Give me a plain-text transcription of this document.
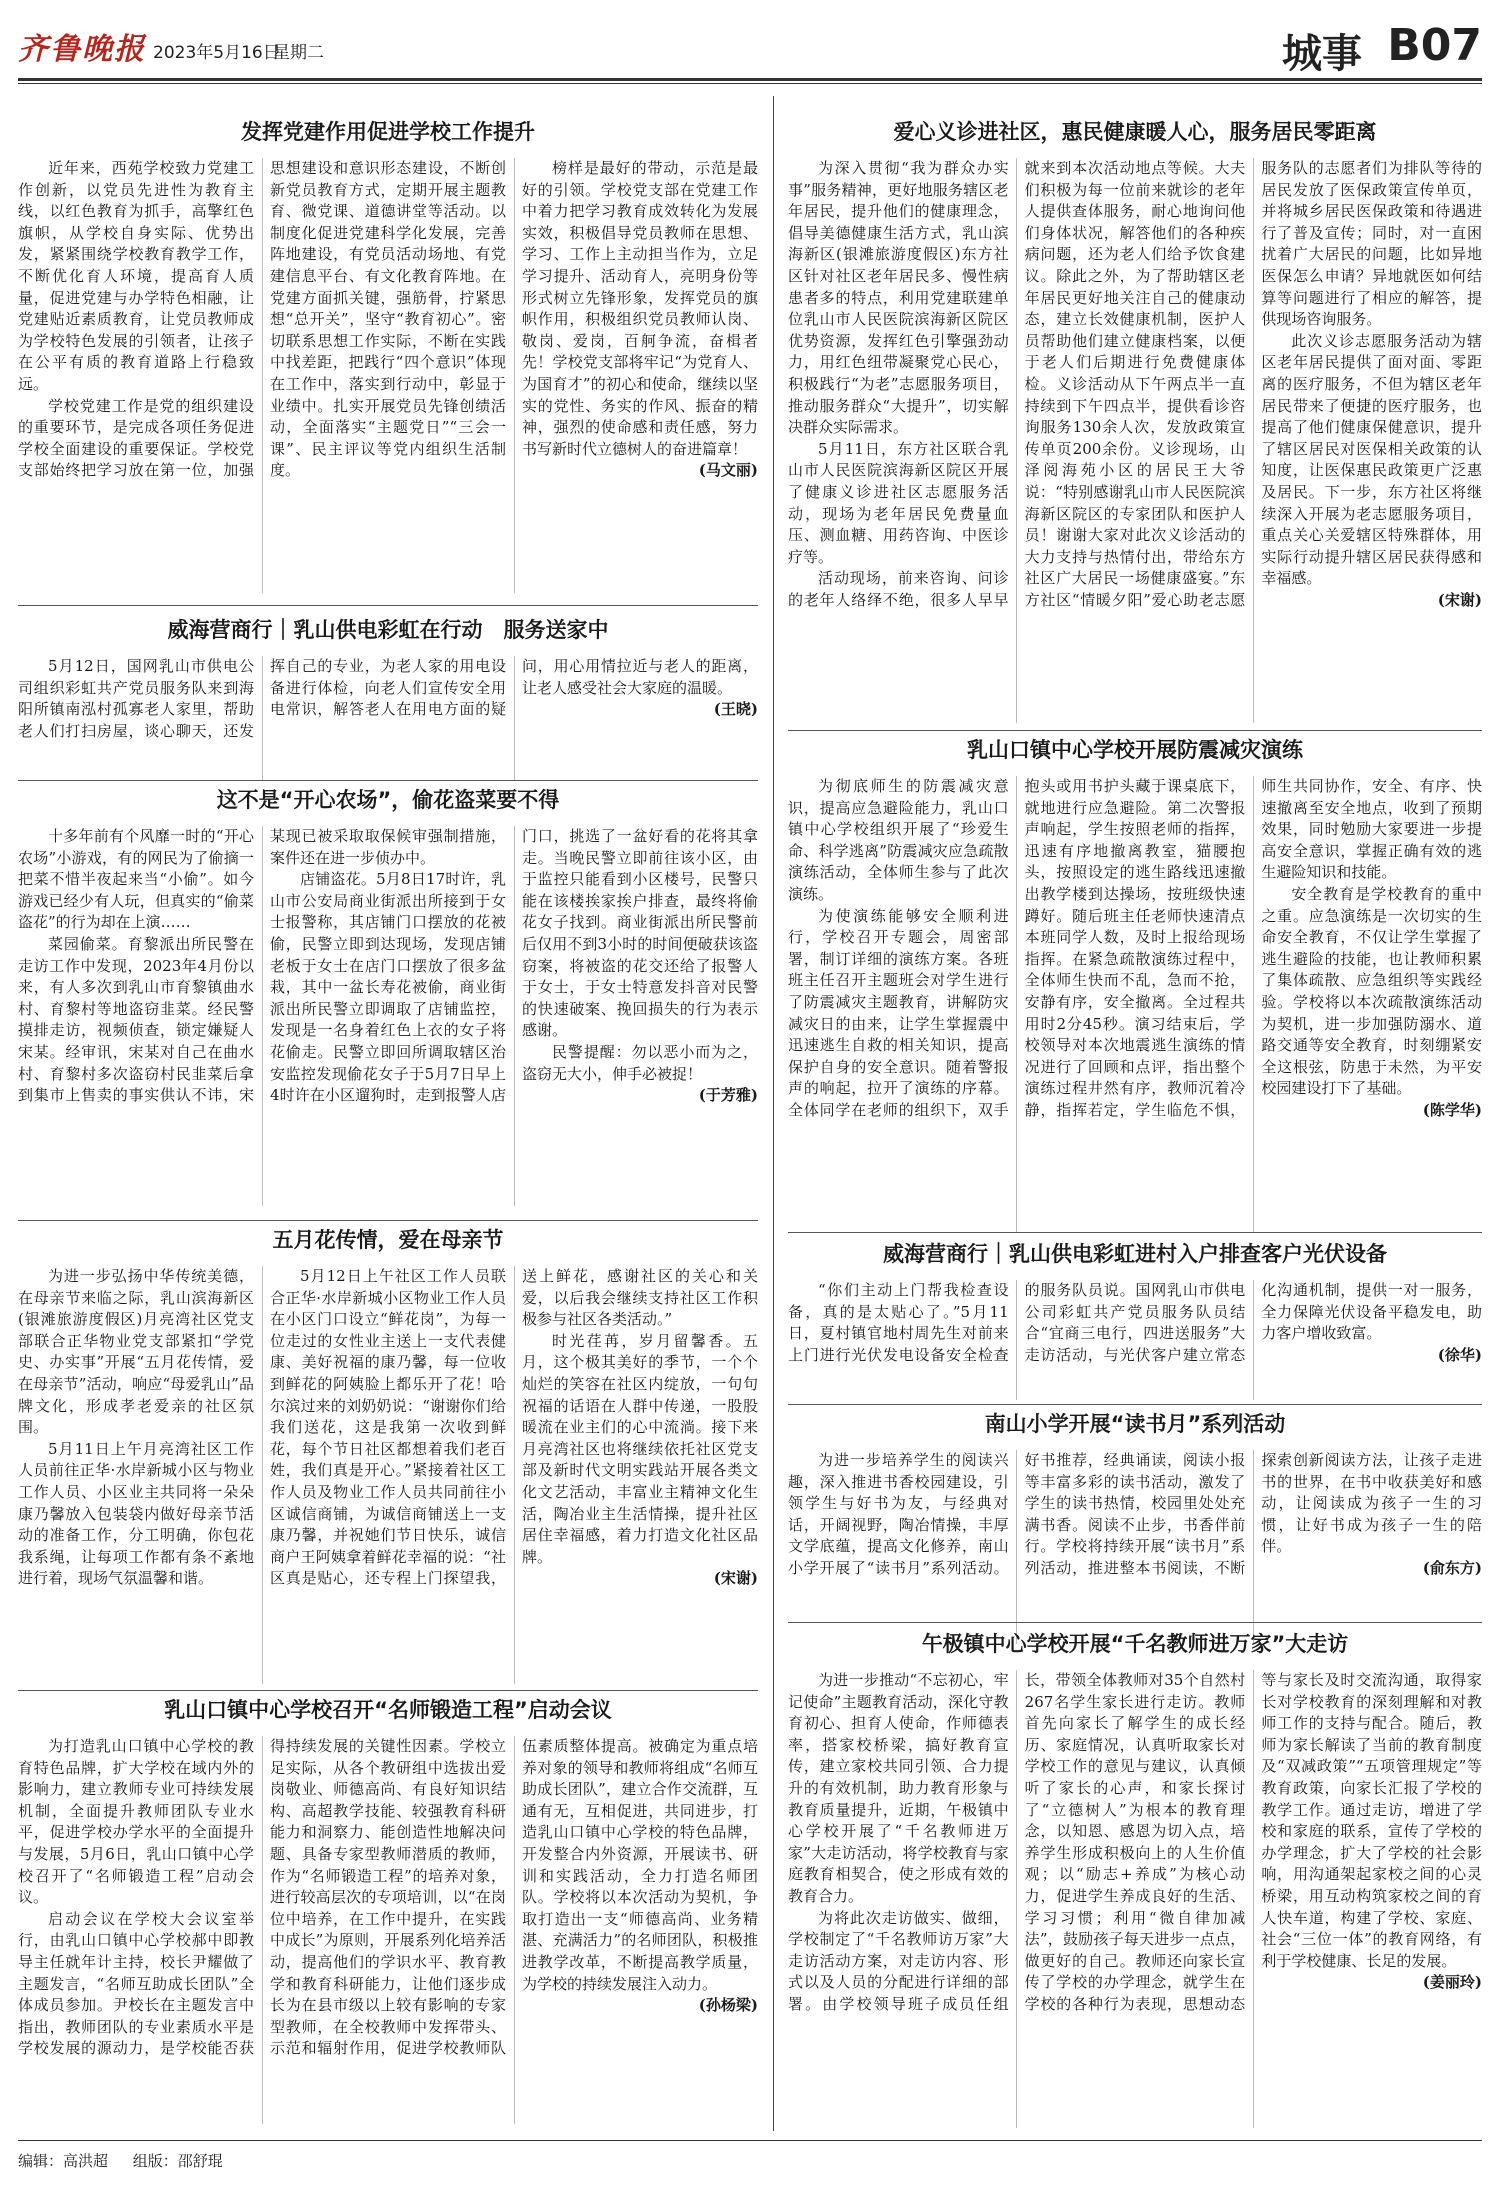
齐鲁晚报 2023年5月16日
星期二	城事 B07
发挥党建作用促进学校工作提升

近年来，西苑学校致力党建工作创新，以党员先进性为教育主线，以红色教育为抓手，高擎红色旗帜，从学校自身实际、优势出发，紧紧围绕学校教育教学工作，不断优化育人环境，提高育人质量，促进党建与办学特色相融，让党建贴近素质教育，让党员教师成为学校特色发展的引领者，让孩子在公平有质的教育道路上行稳致远。

学校党建工作是党的组织建设的重要环节，是完成各项任务促进学校全面建设的重要保证。学校党支部始终把学习放在第一位，加强思想建设和意识形态建设，不断创新党员教育方式，定期开展主题教育、微党课、道德讲堂等活动。以制度化促进党建科学化发展，完善阵地建设，有党员活动场地、有党建信息平台、有文化教育阵地。在党建方面抓关键，强筋骨，拧紧思想“总开关”，坚守“教育初心”。密切联系思想工作实际，不断在实践中找差距，把践行“四个意识”体现在工作中，落实到行动中，彰显于业绩中。扎实开展党员先锋创绩活动，全面落实“主题党日”“三会一课”、民主评议等党内组织生活制度。

榜样是最好的带动，示范是最好的引领。学校党支部在党建工作中着力把学习教育成效转化为发展实效，积极倡导党员教师在思想、学习、工作上主动担当作为，立足学习提升、活动育人，亮明身份等形式树立先锋形象，发挥党员的旗帜作用，积极组织党员教师认岗、敬岗、爱岗，百舸争流，奋楫者先！学校党支部将牢记“为党育人、为国育才”的初心和使命，继续以坚实的党性、务实的作风、振奋的精神，强烈的使命感和责任感，努力书写新时代立德树人的奋进篇章！

(马文丽)
威海营商行｜乳山供电彩虹在行动　服务送家中

5月12日，国网乳山市供电公司组织彩虹共产党员服务队来到海阳所镇南泓村孤寡老人家里，帮助老人们打扫房屋，谈心聊天，还发挥自己的专业，为老人家的用电设备进行体检，向老人们宣传安全用电常识，解答老人在用电方面的疑问，用心用情拉近与老人的距离，让老人感受社会大家庭的温暖。

(王晓)
这不是“开心农场”，偷花盗菜要不得

十多年前有个风靡一时的“开心农场”小游戏，有的网民为了偷摘一把菜不惜半夜起来当“小偷”。如今游戏已经少有人玩，但真实的“偷菜盗花”的行为却在上演……

菜园偷菜。育黎派出所民警在走访工作中发现，2023年4月份以来，有人多次到乳山市育黎镇曲水村、育黎村等地盗窃韭菜。经民警摸排走访，视频侦查，锁定嫌疑人宋某。经审讯，宋某对自己在曲水村、育黎村多次盗窃村民韭菜后拿到集市上售卖的事实供认不讳，宋某现已被采取取保候审强制措施，案件还在进一步侦办中。

店铺盗花。5月8日17时许，乳山市公安局商业街派出所接到于女士报警称，其店铺门口摆放的花被偷，民警立即到达现场，发现店铺老板于女士在店门口摆放了很多盆栽，其中一盆长寿花被偷，商业街派出所民警立即调取了店铺监控，发现是一名身着红色上衣的女子将花偷走。民警立即回所调取辖区治安监控发现偷花女子于5月7日早上4时许在小区遛狗时，走到报警人店门口，挑选了一盆好看的花将其拿走。当晚民警立即前往该小区，由于监控只能看到小区楼号，民警只能在该楼挨家挨户排查，最终将偷花女子找到。商业街派出所民警前后仅用不到3小时的时间便破获该盗窃案，将被盗的花交还给了报警人于女士，于女士特意发抖音对民警的快速破案、挽回损失的行为表示感谢。

民警提醒：勿以恶小而为之，盗窃无大小，伸手必被捉！

(于芳雅)
五月花传情，爱在母亲节

为进一步弘扬中华传统美德，在母亲节来临之际，乳山滨海新区(银滩旅游度假区)月亮湾社区党支部联合正华物业党支部紧扣“学党史、办实事”开展“五月花传情，爱在母亲节”活动，响应“母爱乳山”品牌文化，形成孝老爱亲的社区氛围。

5月11日上午月亮湾社区工作人员前往正华·水岸新城小区与物业工作人员、小区业主共同将一朵朵康乃馨放入包装袋内做好母亲节活动的准备工作，分工明确，你包花我系绳，让每项工作都有条不紊地进行着，现场气氛温馨和谐。

5月12日上午社区工作人员联合正华·水岸新城小区物业工作人员在小区门口设立“鲜花岗”，为每一位走过的女性业主送上一支代表健康、美好祝福的康乃馨，每一位收到鲜花的阿姨脸上都乐开了花！哈尔滨过来的刘奶奶说：“谢谢你们给我们送花，这是我第一次收到鲜花，每个节日社区都想着我们老百姓，我们真是开心。”紧接着社区工作人员及物业工作人员共同前往小区诚信商铺，为诚信商铺送上一支康乃馨，并祝她们节日快乐，诚信商户王阿姨拿着鲜花幸福的说：“社区真是贴心，还专程上门探望我，送上鲜花，感谢社区的关心和关爱，以后我会继续支持社区工作积极参与社区各类活动。”

时光荏苒，岁月留馨香。五月，这个极其美好的季节，一个个灿烂的笑容在社区内绽放，一句句祝福的话语在人群中传递，一股股暖流在业主们的心中流淌。接下来月亮湾社区也将继续依托社区党支部及新时代文明实践站开展各类文化文艺活动，丰富业主精神文化生活，陶冶业主生活情操，提升社区居住幸福感，着力打造文化社区品牌。

(宋谢)
乳山口镇中心学校召开“名师锻造工程”启动会议

为打造乳山口镇中心学校的教育特色品牌，扩大学校在域内外的影响力，建立教师专业可持续发展机制，全面提升教师团队专业水平，促进学校办学水平的全面提升与发展，5月6日，乳山口镇中心学校召开了“名师锻造工程”启动会议。

启动会议在学校大会议室举行，由乳山口镇中心学校郝中即教导主任就年计主持，校长尹耀做了主题发言，“名师互助成长团队”全体成员参加。尹校长在主题发言中指出，教师团队的专业素质水平是学校发展的源动力，是学校能否获得持续发展的关键性因素。学校立足实际，从各个教研组中选拔出爱岗敬业、师德高尚、有良好知识结构、高超教学技能、较强教育科研能力和洞察力、能创造性地解决问题、具备专家型教师潜质的教师，作为“名师锻造工程”的培养对象，进行较高层次的专项培训，以“在岗位中培养，在工作中提升，在实践中成长”为原则，开展系列化培养活动，提高他们的学识水平、教育教学和教育科研能力，让他们逐步成长为在县市级以上较有影响的专家型教师，在全校教师中发挥带头、示范和辐射作用，促进学校教师队伍素质整体提高。被确定为重点培养对象的领导和教师将组成“名师互助成长团队”，建立合作交流群，互通有无，互相促进，共同进步，打造乳山口镇中心学校的特色品牌，开发整合内外资源，开展读书、研训和实践活动，全力打造名师团队。学校将以本次活动为契机，争取打造出一支“师德高尚、业务精湛、充满活力”的名师团队，积极推进教学改革，不断提高教学质量，为学校的持续发展注入动力。

(孙杨梁)
爱心义诊进社区，惠民健康暖人心，服务居民零距离

为深入贯彻“我为群众办实事”服务精神，更好地服务辖区老年居民，提升他们的健康理念，倡导美德健康生活方式，乳山滨海新区(银滩旅游度假区)东方社区针对社区老年居民多、慢性病患者多的特点，利用党建联建单位乳山市人民医院滨海新区院区优势资源，发挥红色引擎强劲动力，用红色纽带凝聚党心民心，积极践行“为老”志愿服务项目，推动服务群众“大提升”，切实解决群众实际需求。

5月11日，东方社区联合乳山市人民医院滨海新区院区开展了健康义诊进社区志愿服务活动，现场为老年居民免费量血压、测血糖、用药咨询、中医诊疗等。

活动现场，前来咨询、问诊的老年人络绎不绝，很多人早早就来到本次活动地点等候。大夫们积极为每一位前来就诊的老年人提供查体服务，耐心地询问他们身体状况，解答他们的各种疾病问题，还为老人们给予饮食建议。除此之外，为了帮助辖区老年居民更好地关注自己的健康动态，建立长效健康机制，医护人员帮助他们建立健康档案，以便于老人们后期进行免费健康体检。义诊活动从下午两点半一直持续到下午四点半，提供看诊咨询服务130余人次，发放政策宣传单页200余份。义诊现场，山泽阅海苑小区的居民王大爷说：“特别感谢乳山市人民医院滨海新区院区的专家团队和医护人员！谢谢大家对此次义诊活动的大力支持与热情付出，带给东方社区广大居民一场健康盛宴。”东方社区“情暖夕阳”爱心助老志愿服务队的志愿者们为排队等待的居民发放了医保政策宣传单页，并将城乡居民医保政策和待遇进行了普及宣传；同时，对一直困扰着广大居民的问题，比如异地医保怎么申请？异地就医如何结算等问题进行了相应的解答，提供现场咨询服务。

此次义诊志愿服务活动为辖区老年居民提供了面对面、零距离的医疗服务，不但为辖区老年居民带来了便捷的医疗服务，也提高了他们健康保健意识，提升了辖区居民对医保相关政策的认知度，让医保惠民政策更广泛惠及居民。下一步，东方社区将继续深入开展为老志愿服务项目，重点关心关爱辖区特殊群体，用实际行动提升辖区居民获得感和幸福感。

(宋谢)
乳山口镇中心学校开展防震减灾演练

为彻底师生的防震减灾意识，提高应急避险能力，乳山口镇中心学校组织开展了“珍爱生命、科学逃离”防震减灾应急疏散演练活动，全体师生参与了此次演练。

为使演练能够安全顺利进行，学校召开专题会，周密部署，制订详细的演练方案。各班班主任召开主题班会对学生进行了防震减灾主题教育，讲解防灾减灾日的由来，让学生掌握震中迅速逃生自救的相关知识，提高保护自身的安全意识。随着警报声的响起，拉开了演练的序幕。全体同学在老师的组织下，双手抱头或用书护头藏于课桌底下，就地进行应急避险。第二次警报声响起，学生按照老师的指挥，迅速有序地撤离教室，猫腰抱头，按照设定的逃生路线迅速撤出教学楼到达操场，按班级快速蹲好。随后班主任老师快速清点本班同学人数，及时上报给现场指挥。在紧急疏散演练过程中，全体师生快而不乱，急而不抢，安静有序，安全撤离。全过程共用时2分45秒。演习结束后，学校领导对本次地震逃生演练的情况进行了回顾和点评，指出整个演练过程井然有序，教师沉着冷静，指挥若定，学生临危不惧，师生共同协作，安全、有序、快速撤离至安全地点，收到了预期效果，同时勉励大家要进一步提高安全意识，掌握正确有效的逃生避险知识和技能。

安全教育是学校教育的重中之重。应急演练是一次切实的生命安全教育，不仅让学生掌握了逃生避险的技能，也让教师积累了集体疏散、应急组织等实践经验。学校将以本次疏散演练活动为契机，进一步加强防溺水、道路交通等安全教育，时刻绷紧安全这根弦，防患于未然，为平安校园建设打下了基础。

(陈学华)
威海营商行｜乳山供电彩虹进村入户排查客户光伏设备

“你们主动上门帮我检查设备，真的是太贴心了。”5月11日，夏村镇官地村周先生对前来上门进行光伏发电设备安全检查的服务队员说。国网乳山市供电公司彩虹共产党员服务队员结合“宜商三电行，四进送服务”大走访活动，与光伏客户建立常态化沟通机制，提供一对一服务，全力保障光伏设备平稳发电，助力客户增收致富。

(徐华)
南山小学开展“读书月”系列活动

为进一步培养学生的阅读兴趣，深入推进书香校园建设，引领学生与好书为友，与经典对话，开阔视野，陶冶情操，丰厚文学底蕴，提高文化修养，南山小学开展了“读书月”系列活动。好书推荐，经典诵读，阅读小报等丰富多彩的读书活动，激发了学生的读书热情，校园里处处充满书香。阅读不止步，书香伴前行。学校将持续开展“读书月”系列活动，推进整本书阅读，不断探索创新阅读方法，让孩子走进书的世界，在书中收获美好和感动，让阅读成为孩子一生的习惯，让好书成为孩子一生的陪伴。

(俞东方)
午极镇中心学校开展“千名教师进万家”大走访

为进一步推动“不忘初心，牢记使命”主题教育活动，深化守教育初心、担育人使命，作师德表率，搭家校桥梁，搞好教育宣传，建立家校共同引领、合力提升的有效机制，助力教育形象与教育质量提升，近期，午极镇中心学校开展了“千名教师进万家”大走访活动，将学校教育与家庭教育相契合，使之形成有效的教育合力。

为将此次走访做实、做细，学校制定了“千名教师访万家”大走访活动方案，对走访内容、形式以及人员的分配进行详细的部署。由学校领导班子成员任组长，带领全体教师对35个自然村267名学生家长进行走访。教师首先向家长了解学生的成长经历、家庭情况，认真听取家长对学校工作的意见与建议，认真倾听了家长的心声，和家长探讨了“立德树人”为根本的教育理念，以知恩、感恩为切入点，培养学生形成积极向上的人生价值观；以“励志+养成”为核心动力，促进学生养成良好的生活、学习习惯；利用“微自律加减法”，鼓励孩子每天进步一点点，做更好的自己。教师还向家长宣传了学校的办学理念，就学生在学校的各种行为表现，思想动态等与家长及时交流沟通，取得家长对学校教育的深刻理解和对教师工作的支持与配合。随后，教师为家长解读了当前的教育制度及“双减政策”“五项管理规定”等教育政策，向家长汇报了学校的教学工作。通过走访，增进了学校和家庭的联系，宣传了学校的办学理念，扩大了学校的社会影响，用沟通架起家校之间的心灵桥梁，用互动构筑家校之间的育人快车道，构建了学校、家庭、社会“三位一体”的教育网络，有利于学校健康、长足的发展。

(姜丽玲)
编辑：高洪超 组版：邵舒琨
